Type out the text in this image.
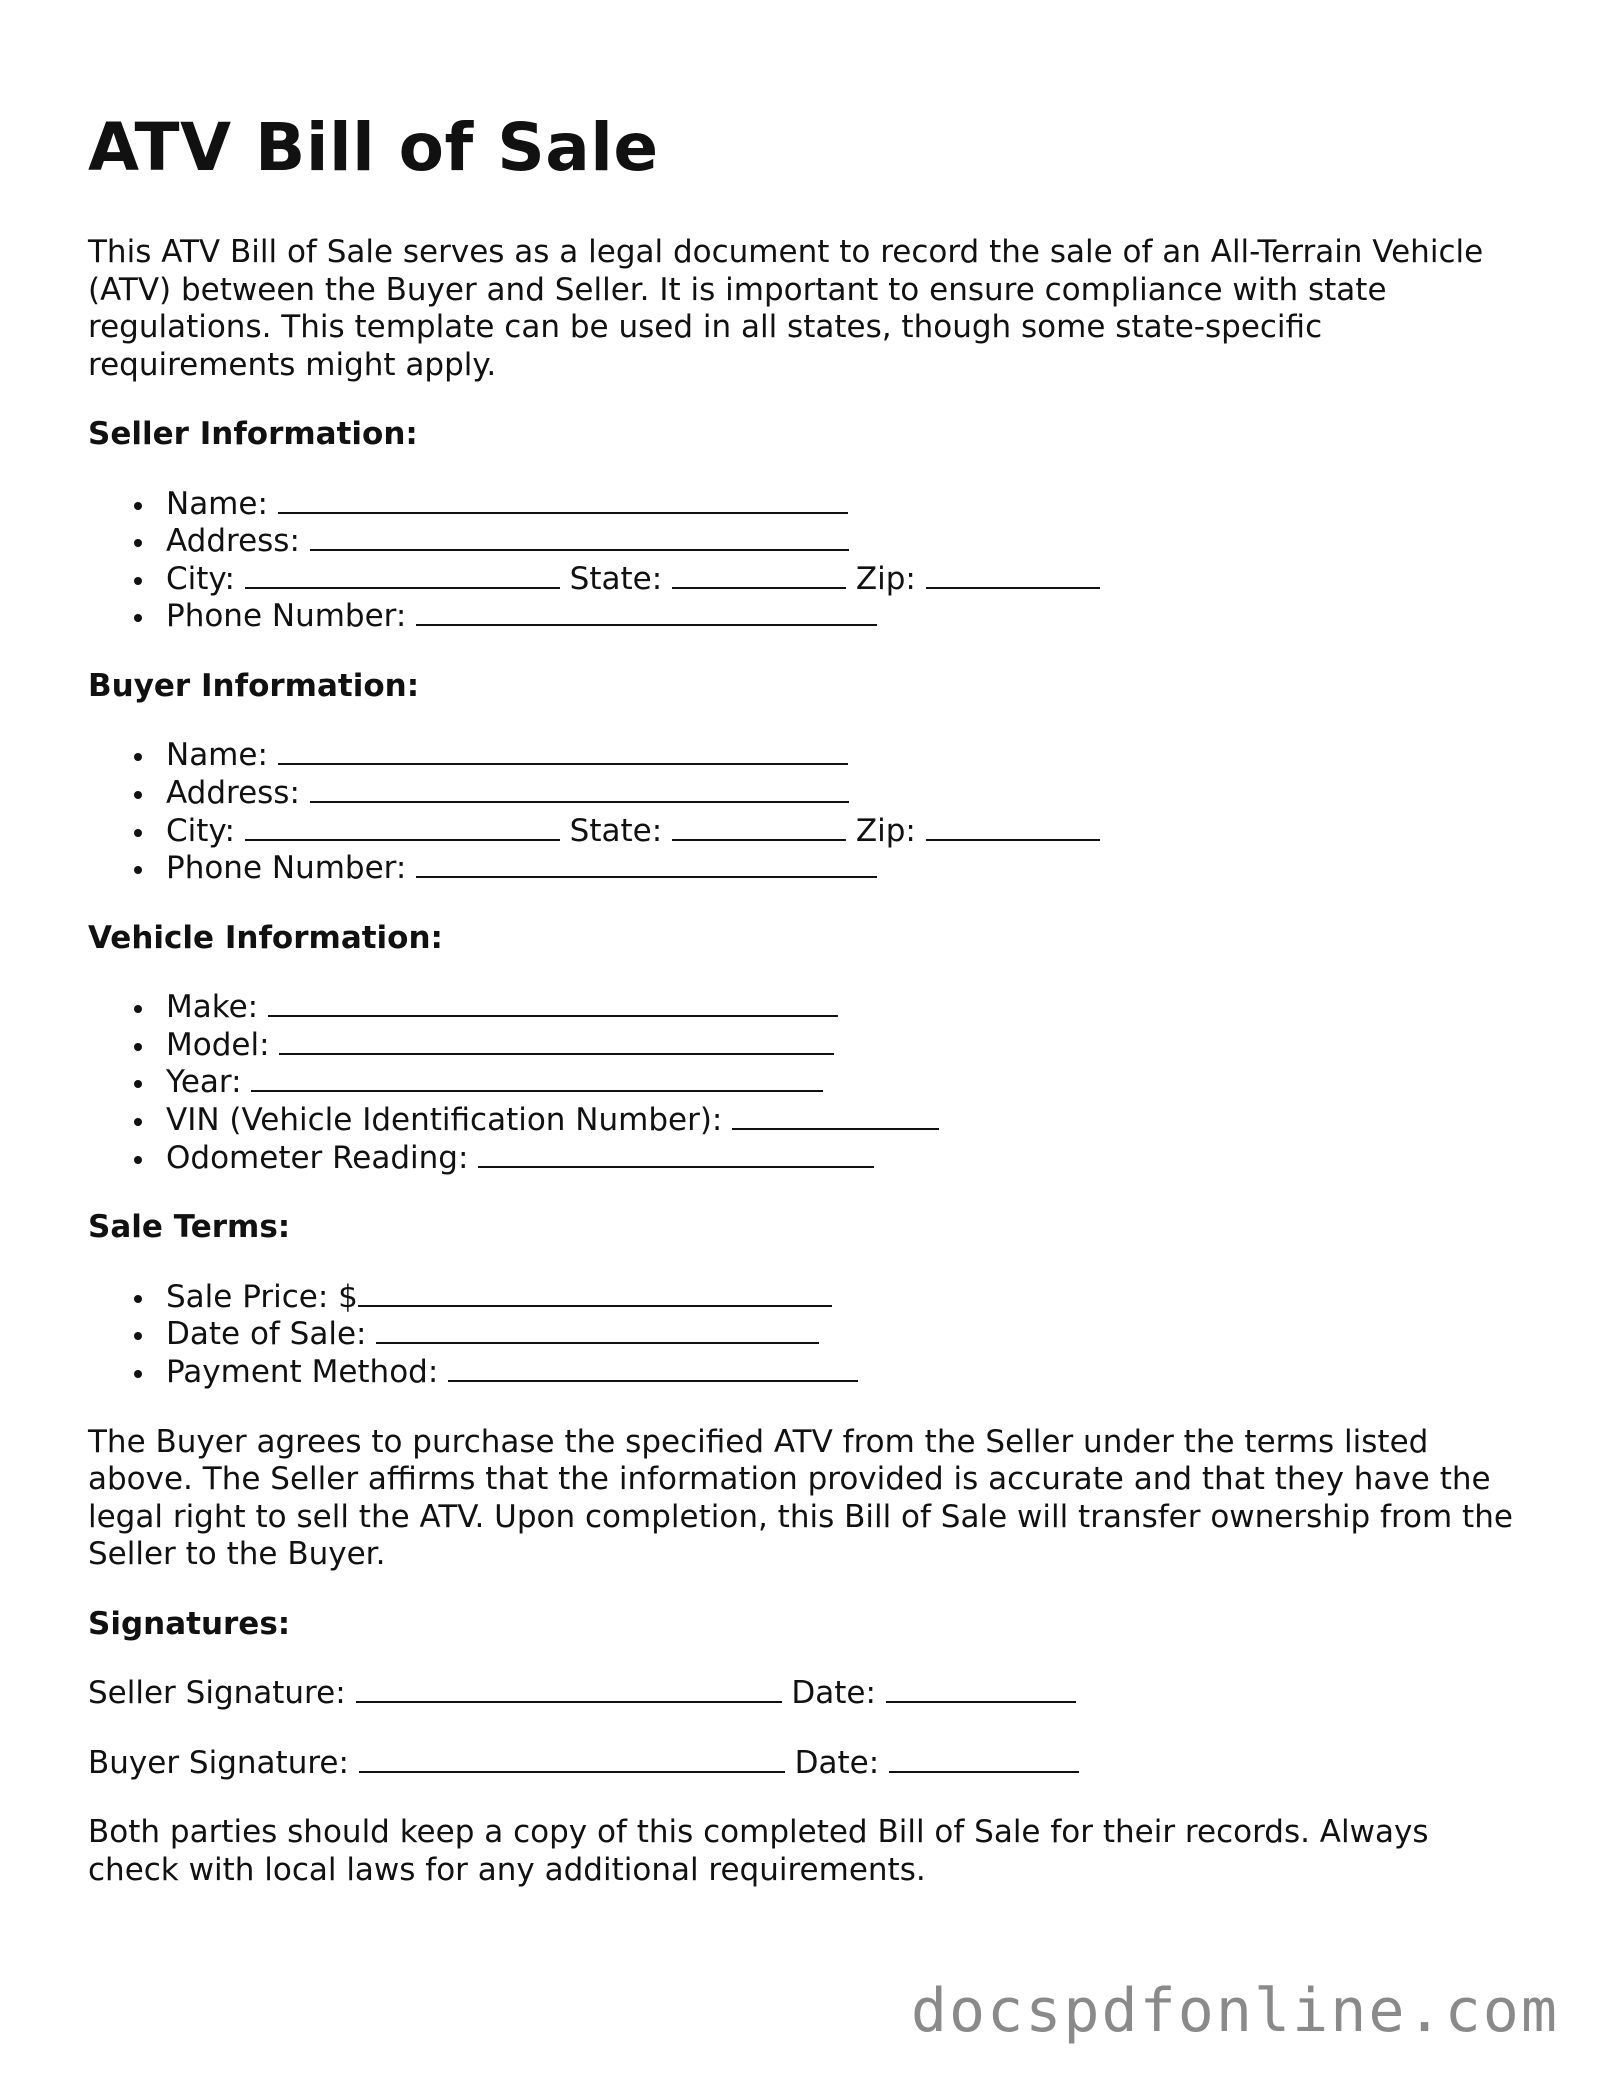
ATV Bill of Sale

This ATV Bill of Sale serves as a legal document to record the sale of an All-Terrain Vehicle (ATV) between the Buyer and Seller. It is important to ensure compliance with state regulations. This template can be used in all states, though some state-specific requirements might apply.

Seller Information:
Name:
Address:
City:	State:	Zip:
Phone Number:
Buyer Information:
Name:
Address:
City:	State:	Zip:
Phone Number:
Vehicle Information:
Make:
Model:
Year:
VIN (Vehicle Identification Number):
Odometer Reading:
Sale Terms:
Sale Price: $
Date of Sale:
Payment Method:

The Buyer agrees to purchase the specified ATV from the Seller under the terms listed above. The Seller affirms that the information provided is accurate and that they have the legal right to sell the ATV. Upon completion, this Bill of Sale will transfer ownership from the Seller to the Buyer.

Signatures:

Seller Signature:	Date:

Buyer Signature:	Date:

Both parties should keep a copy of this completed Bill of Sale for their records. Always check with local laws for any additional requirements.

docspdfonline.com
